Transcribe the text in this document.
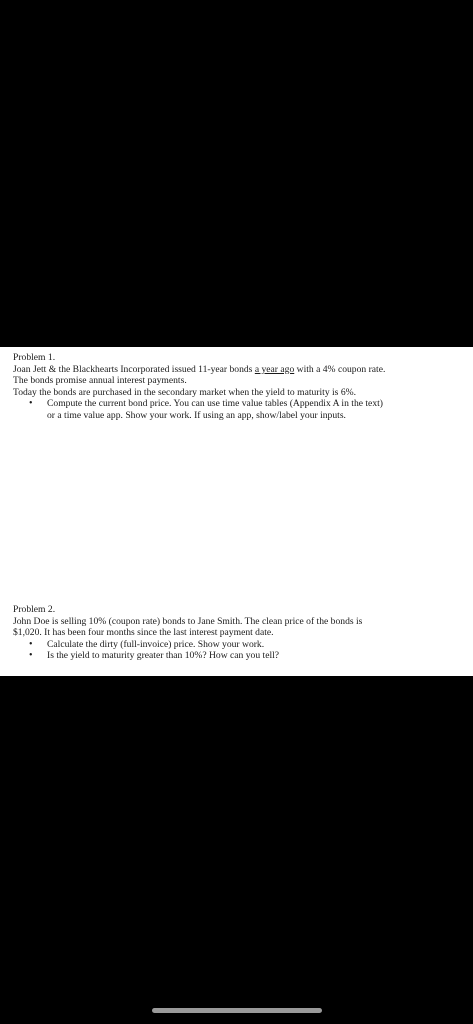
Problem 1.
Joan Jett & the Blackhearts Incorporated issued 11-year bonds a year ago with a 4% coupon rate.
The bonds promise annual interest payments.
Today the bonds are purchased in the secondary market when the yield to maturity is 6%.
• Compute the current bond price. You can use time value tables (Appendix A in the text)
or a time value app. Show your work. If using an app, show/label your inputs.
Problem 2.
John Doe is selling 10% (coupon rate) bonds to Jane Smith. The clean price of the bonds is
$1,020. It has been four months since the last interest payment date.
• Calculate the dirty (full-invoice) price. Show your work.
• Is the yield to maturity greater than 10%? How can you tell?
